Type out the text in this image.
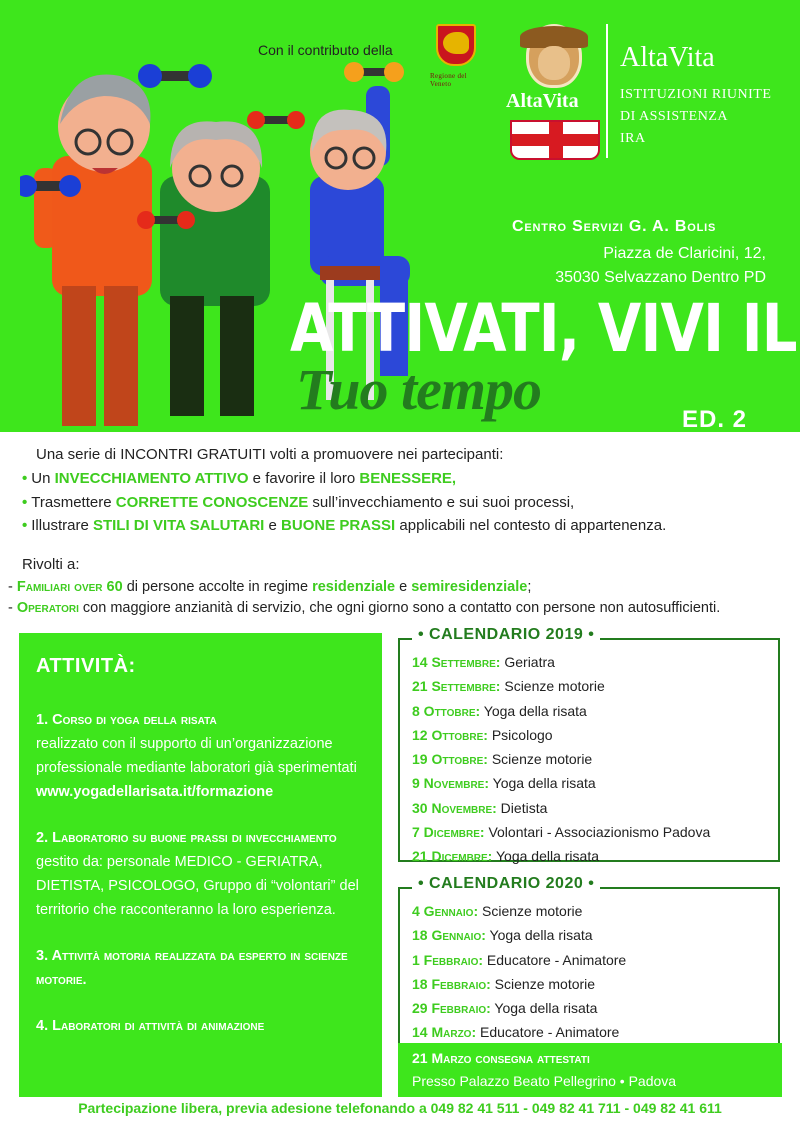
Con il contributo della
Regione del Veneto
AltaVita
AltaVita
ISTITUZIONI RIUNITE
DI ASSISTENZA
IRA
Centro Servizi G. A. Bolis
Piazza de Claricini, 12,
35030 Selvazzano Dentro PD
ATTIVATI, VIVI IL
Tuo tempo	ED. 2
Una serie di INCONTRI GRATUITI volti a promuovere nei partecipanti:
• Un INVECCHIAMENTO ATTIVO e favorire il loro BENESSERE,
• Trasmettere CORRETTE CONOSCENZE sull’invecchiamento e sui suoi processi,
• Illustrare STILI DI VITA SALUTARI e BUONE PRASSI applicabili nel contesto di appartenenza.
Rivolti a:
- Familiari over 60 di persone accolte in regime residenziale e semiresidenziale;
- Operatori con maggiore anzianità di servizio, che ogni giorno sono a contatto con persone non autosufficienti.
ATTIVITÀ:
1. Corso di yoga della risata
realizzato con il supporto di un’organizzazione professionale mediante laboratori già sperimentati
www.yogadellarisata.it/formazione
2. Laboratorio su buone prassi di invecchiamento gestito da: personale MEDICO - GERIATRA, DIETISTA, PSICOLOGO, Gruppo di “volontari” del territorio che racconteranno la loro esperienza.
3. Attività motoria realizzata da esperto in scienze motorie.
4. Laboratori di attività di animazione
• CALENDARIO 2019 •
14 Settembre: Geriatra
21 Settembre: Scienze motorie
8 Ottobre: Yoga della risata
12 Ottobre: Psicologo
19 Ottobre: Scienze motorie
9 Novembre: Yoga della risata
30 Novembre: Dietista
7 Dicembre: Volontari - Associazionismo Padova
21 Dicembre: Yoga della risata
• CALENDARIO 2020 •
4 Gennaio: Scienze motorie
18 Gennaio: Yoga della risata
1 Febbraio: Educatore - Animatore
18 Febbraio: Scienze motorie
29 Febbraio: Yoga della risata
14 Marzo: Educatore - Animatore
21 Marzo consegna attestati
Presso Palazzo Beato Pellegrino • Padova
Partecipazione libera, previa adesione telefonando a 049 82 41 511 - 049 82 41 711 - 049 82 41 611
